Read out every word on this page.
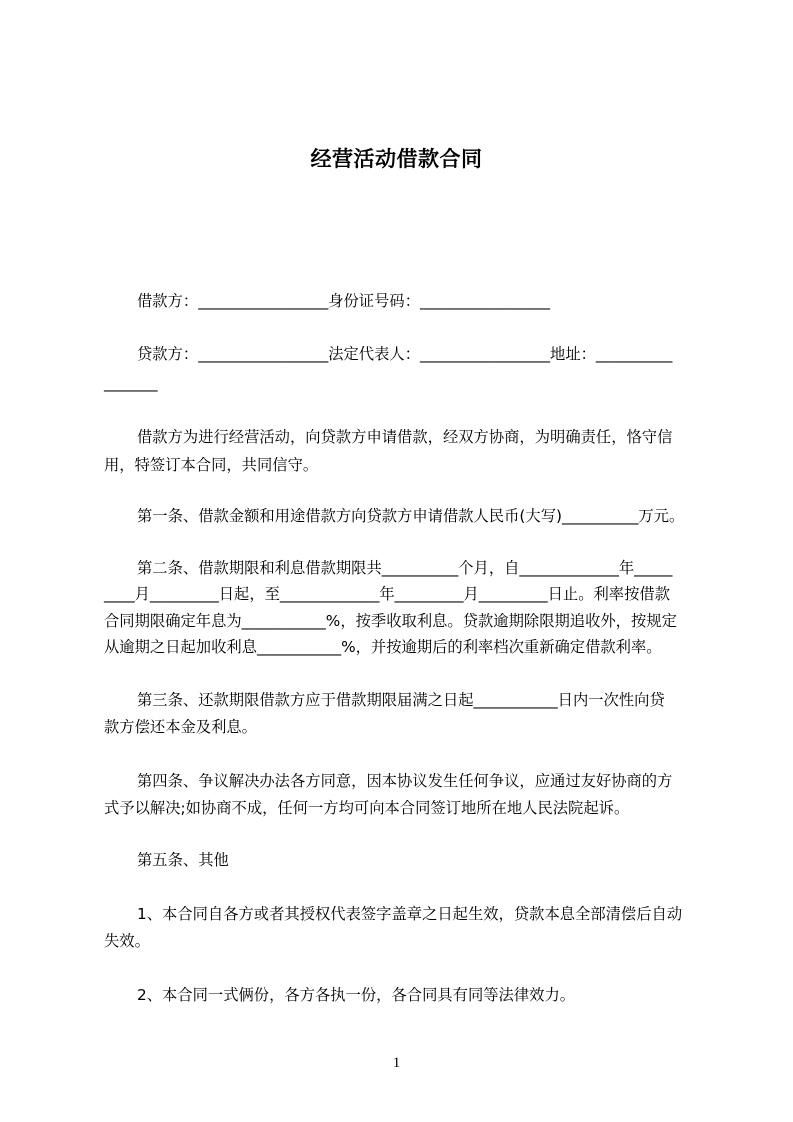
经营活动借款合同
借款方：_________________身份证号码：_________________
贷款方：_________________法定代表人：_________________地址：__________
_______
借款方为进行经营活动，向贷款方申请借款，经双方协商，为明确责任，恪守信
用，特签订本合同，共同信守。
第一条、借款金额和用途借款方向贷款方申请借款人民币(大写)__________万元。
第二条、借款期限和利息借款期限共__________个月，自_____________年_____
____月_________日起，至_____________年_________月_________日止。利率按借款
合同期限确定年息为___________%，按季收取利息。贷款逾期除限期追收外，按规定
从逾期之日起加收利息___________%，并按逾期后的利率档次重新确定借款利率。
第三条、还款期限借款方应于借款期限届满之日起___________日内一次性向贷
款方偿还本金及利息。
第四条、争议解决办法各方同意，因本协议发生任何争议，应通过友好协商的方
式予以解决;如协商不成，任何一方均可向本合同签订地所在地人民法院起诉。
第五条、其他
1、本合同自各方或者其授权代表签字盖章之日起生效，贷款本息全部清偿后自动
失效。
2、本合同一式俩份，各方各执一份，各合同具有同等法律效力。
1
